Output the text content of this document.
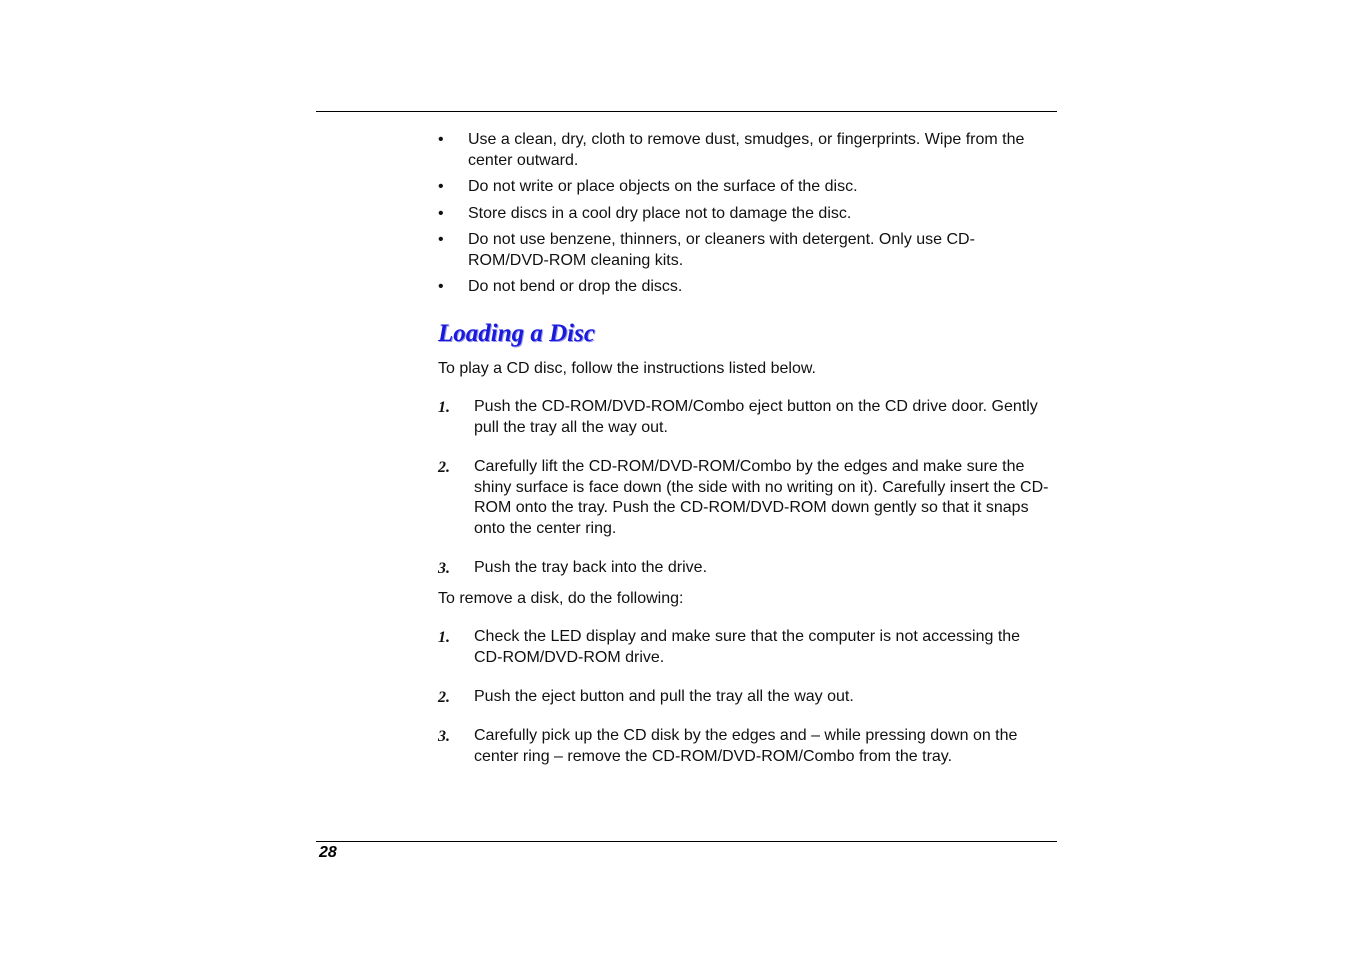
•	Use a clean, dry, cloth to remove dust, smudges, or fingerprints. Wipe from the center outward.
•	Do not write or place objects on the surface of the disc.
•	Store discs in a cool dry place not to damage the disc.
•	Do not use benzene, thinners, or cleaners with detergent. Only use CD-ROM/DVD-ROM cleaning kits.
•	Do not bend or drop the discs.
Loading a Disc
To play a CD disc, follow the instructions listed below.
1. Push the CD-ROM/DVD-ROM/Combo eject button on the CD drive door. Gently pull the tray all the way out.
2. Carefully lift the CD-ROM/DVD-ROM/Combo by the edges and make sure the shiny surface is face down (the side with no writing on it). Carefully insert the CD-ROM onto the tray. Push the CD-ROM/DVD-ROM down gently so that it snaps onto the center ring.
3. Push the tray back into the drive.
To remove a disk, do the following:
1. Check the LED display and make sure that the computer is not accessing the CD-ROM/DVD-ROM drive.
2. Push the eject button and pull the tray all the way out.
3. Carefully pick up the CD disk by the edges and – while pressing down on the center ring – remove the CD-ROM/DVD-ROM/Combo from the tray.
28
